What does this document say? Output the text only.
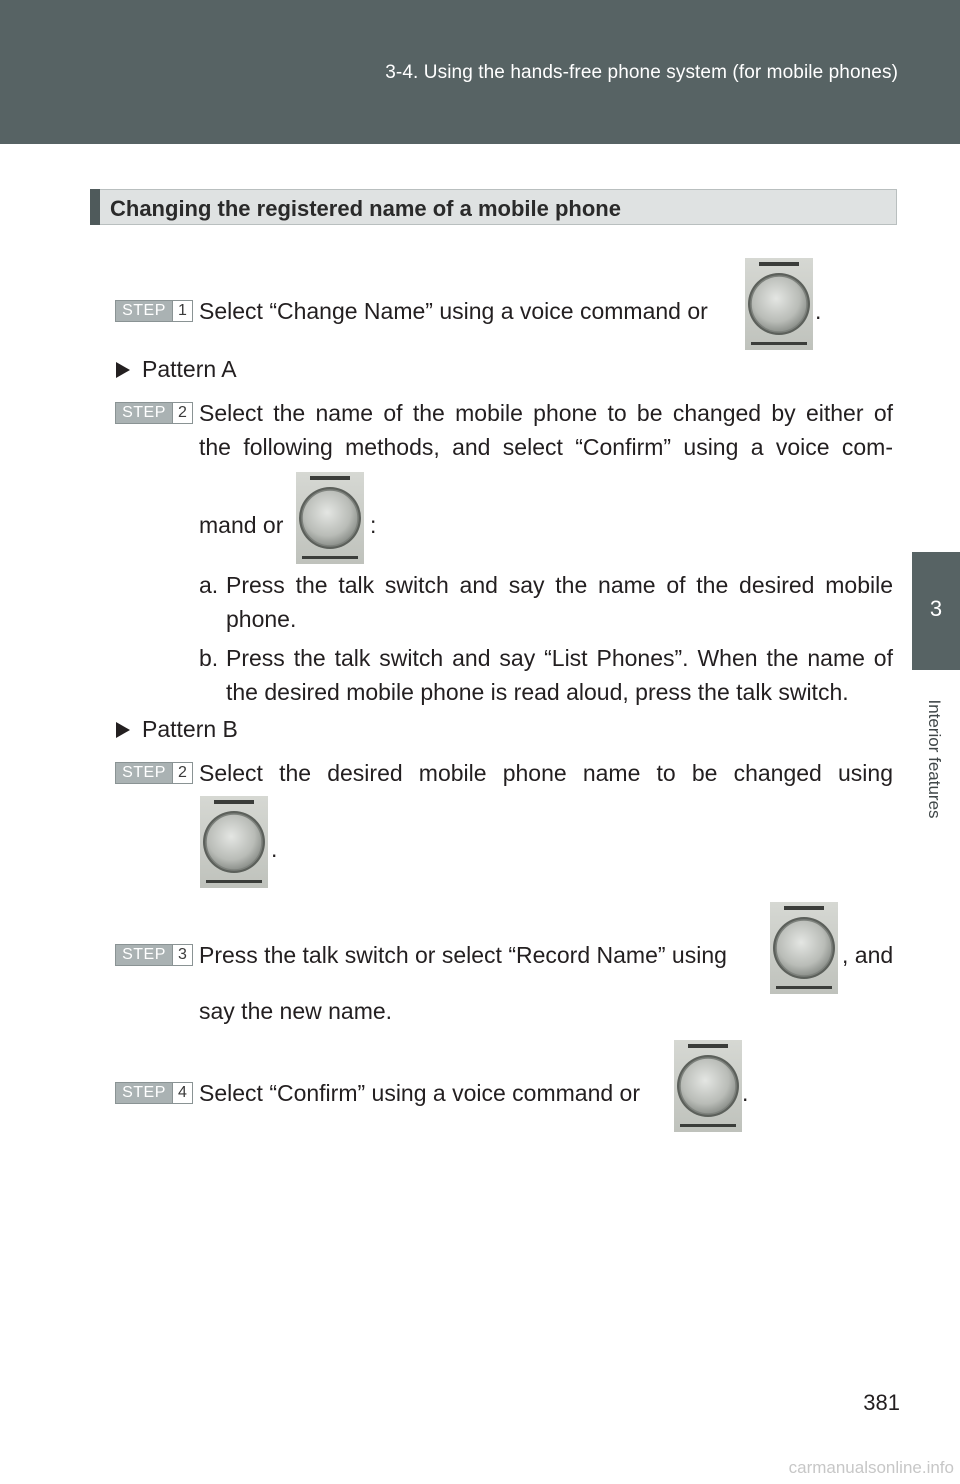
3-4. Using the hands-free phone system (for mobile phones)
3
Interior features
Changing the registered name of a mobile phone
STEP 1 Select “Change Name” using a voice command or	.
Pattern A
STEP 2 Select the name of the mobile phone to be changed by either of
the following methods, and select “Confirm” using a voice com-
mand or	:
a. Press the talk switch and say the name of the desired mobile
phone.
b. Press the talk switch and say “List Phones”. When the name of
the desired mobile phone is read aloud, press the talk switch.
Pattern B
STEP 2 Select the desired mobile phone name to be changed using
.
STEP 3 Press the talk switch or select “Record Name” using	, and
say the new name.
STEP 4 Select “Confirm” using a voice command or	.
381
carmanualsonline.info
